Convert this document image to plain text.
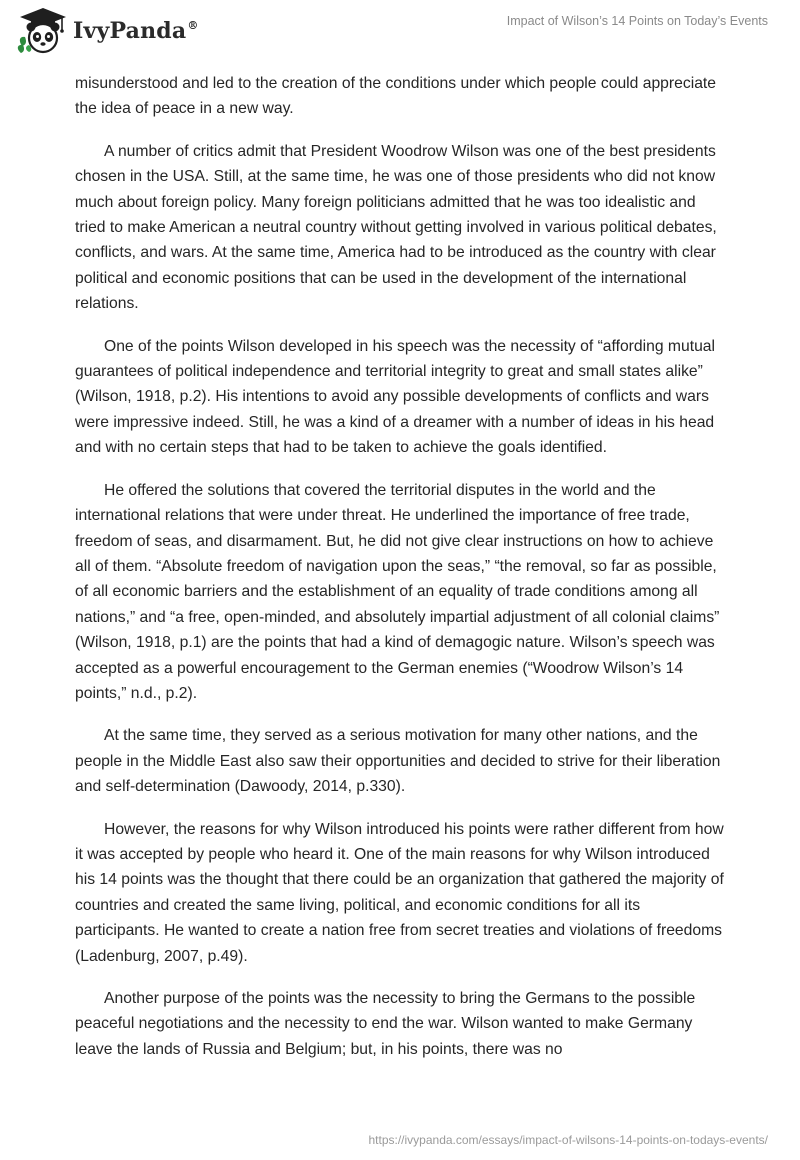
IvyPanda®	Impact of Wilson’s 14 Points on Today’s Events

misunderstood and led to the creation of the conditions under which people could appreciate the idea of peace in a new way.

A number of critics admit that President Woodrow Wilson was one of the best presidents chosen in the USA. Still, at the same time, he was one of those presidents who did not know much about foreign policy. Many foreign politicians admitted that he was too idealistic and tried to make American a neutral country without getting involved in various political debates, conflicts, and wars. At the same time, America had to be introduced as the country with clear political and economic positions that can be used in the development of the international relations.

One of the points Wilson developed in his speech was the necessity of “affording mutual guarantees of political independence and territorial integrity to great and small states alike” (Wilson, 1918, p.2). His intentions to avoid any possible developments of conflicts and wars were impressive indeed. Still, he was a kind of a dreamer with a number of ideas in his head and with no certain steps that had to be taken to achieve the goals identified.

He offered the solutions that covered the territorial disputes in the world and the international relations that were under threat. He underlined the importance of free trade, freedom of seas, and disarmament. But, he did not give clear instructions on how to achieve all of them. “Absolute freedom of navigation upon the seas,” “the removal, so far as possible, of all economic barriers and the establishment of an equality of trade conditions among all nations,” and “a free, open-minded, and absolutely impartial adjustment of all colonial claims” (Wilson, 1918, p.1) are the points that had a kind of demagogic nature. Wilson’s speech was accepted as a powerful encouragement to the German enemies (“Woodrow Wilson’s 14 points,” n.d., p.2).

At the same time, they served as a serious motivation for many other nations, and the people in the Middle East also saw their opportunities and decided to strive for their liberation and self-determination (Dawoody, 2014, p.330).

However, the reasons for why Wilson introduced his points were rather different from how it was accepted by people who heard it. One of the main reasons for why Wilson introduced his 14 points was the thought that there could be an organization that gathered the majority of countries and created the same living, political, and economic conditions for all its participants. He wanted to create a nation free from secret treaties and violations of freedoms (Ladenburg, 2007, p.49).

Another purpose of the points was the necessity to bring the Germans to the possible peaceful negotiations and the necessity to end the war. Wilson wanted to make Germany leave the lands of Russia and Belgium; but, in his points, there was no

https://ivypanda.com/essays/impact-of-wilsons-14-points-on-todays-events/
